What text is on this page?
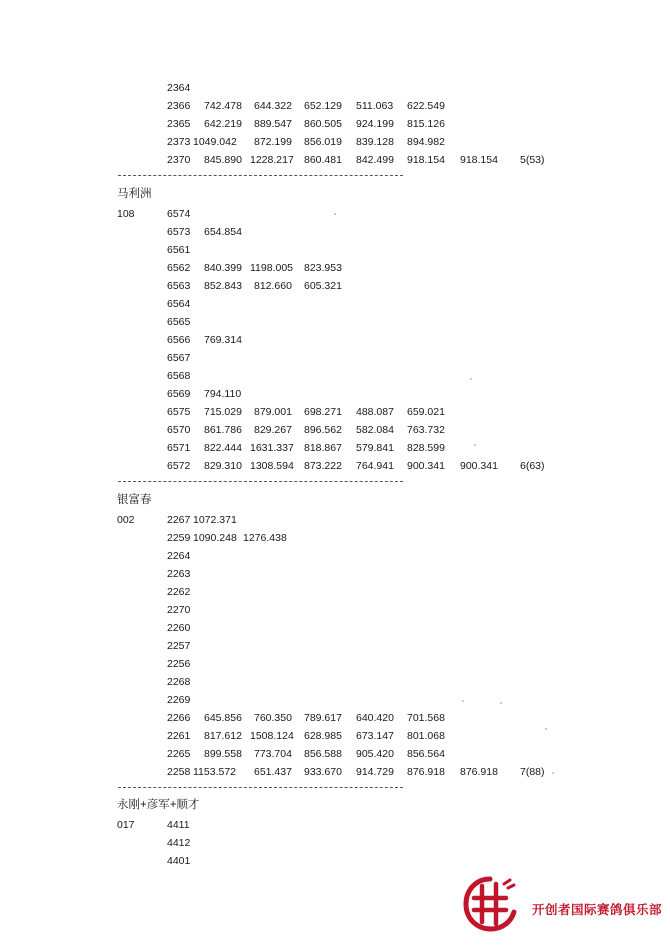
2364
2366 742.478 644.322 652.129 511.063 622.549
2365 642.219 889.547 860.505 924.199 815.126
2373 1049.042 872.199 856.019 839.128 894.982
2370 845.890 1228.217 860.481 842.499 918.154 918.154 5(53)
马利洲
108	6574
6573 654.854
6561
6562 840.399 1198.005 823.953
6563 852.843 812.660 605.321
6564
6565
6566 769.314
6567
6568
6569 794.110
6575 715.029 879.001 698.271 488.087 659.021
6570 861.786 829.267 896.562 582.084 763.732
6571 822.444 1631.337 818.867 579.841 828.599
6572 829.310 1308.594 873.222 764.941 900.341 900.341 6(63)
银富春
002	2267 1072.371
2259 1090.248 1276.438
2264
2263
2262
2270
2260
2257
2256
2268
2269
2266 645.856 760.350 789.617 640.420 701.568
2261 817.612 1508.124 628.985 673.147 801.068
2265 899.558 773.704 856.588 905.420 856.564
2258 1153.572 651.437 933.670 914.729 876.918 876.918 7(88)
永刚+彦军+顺才
017	4411
4412
4401
开创者国际赛鸽俱乐部
